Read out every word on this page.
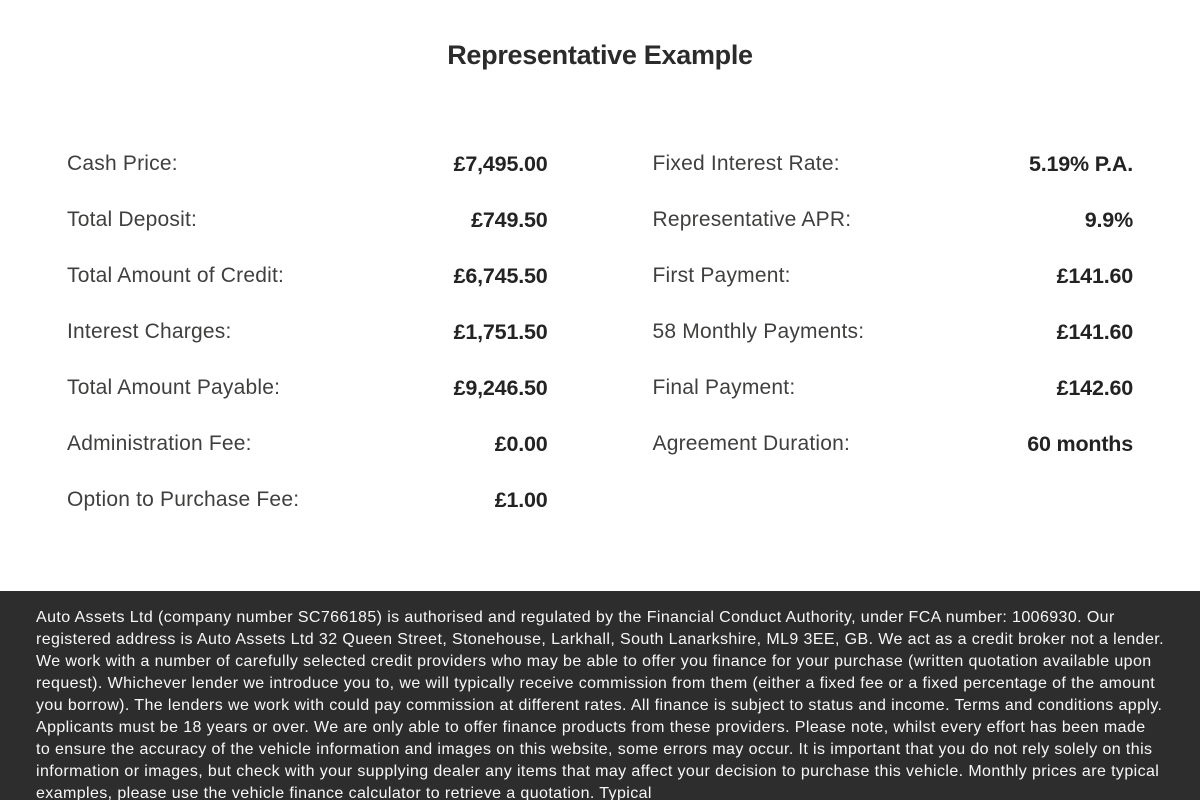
Representative Example
Cash Price:	£7,495.00
Total Deposit:	£749.50
Total Amount of Credit:	£6,745.50
Interest Charges:	£1,751.50
Total Amount Payable:	£9,246.50
Administration Fee:	£0.00
Option to Purchase Fee:	£1.00
Fixed Interest Rate:	5.19% P.A.
Representative APR:	9.9%
First Payment:	£141.60
58 Monthly Payments:	£141.60
Final Payment:	£142.60
Agreement Duration:	60 months

Auto Assets Ltd (company number SC766185) is authorised and regulated by the Financial Conduct Authority, under FCA number: 1006930. Our registered address is Auto Assets Ltd 32 Queen Street, Stonehouse, Larkhall, South Lanarkshire, ML9 3EE, GB. We act as a credit broker not a lender. We work with a number of carefully selected credit providers who may be able to offer you finance for your purchase (written quotation available upon request). Whichever lender we introduce you to, we will typically receive commission from them (either a fixed fee or a fixed percentage of the amount you borrow). The lenders we work with could pay commission at different rates. All finance is subject to status and income. Terms and conditions apply. Applicants must be 18 years or over. We are only able to offer finance products from these providers. Please note, whilst every effort has been made to ensure the accuracy of the vehicle information and images on this website, some errors may occur. It is important that you do not rely solely on this information or images, but check with your supplying dealer any items that may affect your decision to purchase this vehicle. Monthly prices are typical examples, please use the vehicle finance calculator to retrieve a quotation. Typical
